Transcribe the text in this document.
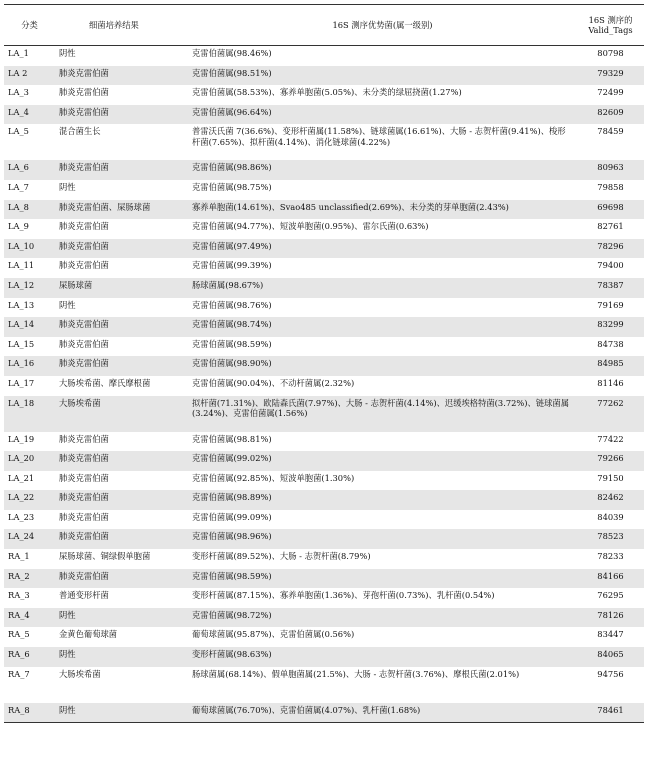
分类	细菌培养结果	16S 测序优势菌(属一级别)	16S 测序的
Valid_Tags

LA_1	阴性	克雷伯菌属(98.46%)	80798
LA 2	肺炎克雷伯菌	克雷伯菌属(98.51%)	79329
LA_3	肺炎克雷伯菌	克雷伯菌属(58.53%)、寡养单胞菌(5.05%)、未分类的绿屈挠菌(1.27%)	72499
LA_4	肺炎克雷伯菌	克雷伯菌属(96.64%)	82609
LA_5	混合菌生长	普雷沃氏菌 7(36.6%)、变形杆菌属(11.58%)、链球菌属(16.61%)、大肠 - 志贺杆菌(9.41%)、梭形杆菌(7.65%)、拟杆菌(4.14%)、消化链球菌(4.22%)	78459
LA_6	肺炎克雷伯菌	克雷伯菌属(98.86%)	80963
LA_7	阴性	克雷伯菌属(98.75%)	79858
LA_8	肺炎克雷伯菌、屎肠球菌	寡养单胞菌(14.61%)、Svao485 unclassified(2.69%)、未分类的芽单胞菌(2.43%)	69698
LA_9	肺炎克雷伯菌	克雷伯菌属(94.77%)、短波单胞菌(0.95%)、雷尔氏菌(0.63%)	82761
LA_10	肺炎克雷伯菌	克雷伯菌属(97.49%)	78296
LA_11	肺炎克雷伯菌	克雷伯菌属(99.39%)	79400
LA_12	屎肠球菌	肠球菌属(98.67%)	78387
LA_13	阴性	克雷伯菌属(98.76%)	79169
LA_14	肺炎克雷伯菌	克雷伯菌属(98.74%)	83299
LA_15	肺炎克雷伯菌	克雷伯菌属(98.59%)	84738
LA_16	肺炎克雷伯菌	克雷伯菌属(98.90%)	84985
LA_17	大肠埃希菌、摩氏摩根菌	克雷伯菌属(90.04%)、不动杆菌属(2.32%)	81146
LA_18	大肠埃希菌	拟杆菌(71.31%)、欧陆森氏菌(7.97%)、大肠 - 志贺杆菌(4.14%)、迟缓埃格特菌(3.72%)、链球菌属(3.24%)、克雷伯菌属(1.56%)	77262
LA_19	肺炎克雷伯菌	克雷伯菌属(98.81%)	77422
LA_20	肺炎克雷伯菌	克雷伯菌属(99.02%)	79266
LA_21	肺炎克雷伯菌	克雷伯菌属(92.85%)、短波单胞菌(1.30%)	79150
LA_22	肺炎克雷伯菌	克雷伯菌属(98.89%)	82462
LA_23	肺炎克雷伯菌	克雷伯菌属(99.09%)	84039
LA_24	肺炎克雷伯菌	克雷伯菌属(98.96%)	78523
RA_1	屎肠球菌、铜绿假单胞菌	变形杆菌属(89.52%)、大肠 - 志贺杆菌(8.79%)	78233
RA_2	肺炎克雷伯菌	克雷伯菌属(98.59%)	84166
RA_3	普通变形杆菌	变形杆菌属(87.15%)、寡养单胞菌(1.36%)、芽孢杆菌(0.73%)、乳杆菌(0.54%)	76295
RA_4	阴性	克雷伯菌属(98.72%)	78126
RA_5	金黄色葡萄球菌	葡萄球菌属(95.87%)、克雷伯菌属(0.56%)	83447
RA_6	阴性	变形杆菌属(98.63%)	84065
RA_7	大肠埃希菌	肠球菌属(68.14%)、假单胞菌属(21.5%)、大肠 - 志贺杆菌(3.76%)、摩根氏菌(2.01%)	94756
RA_8	阴性	葡萄球菌属(76.70%)、克雷伯菌属(4.07%)、乳杆菌(1.68%)	78461
